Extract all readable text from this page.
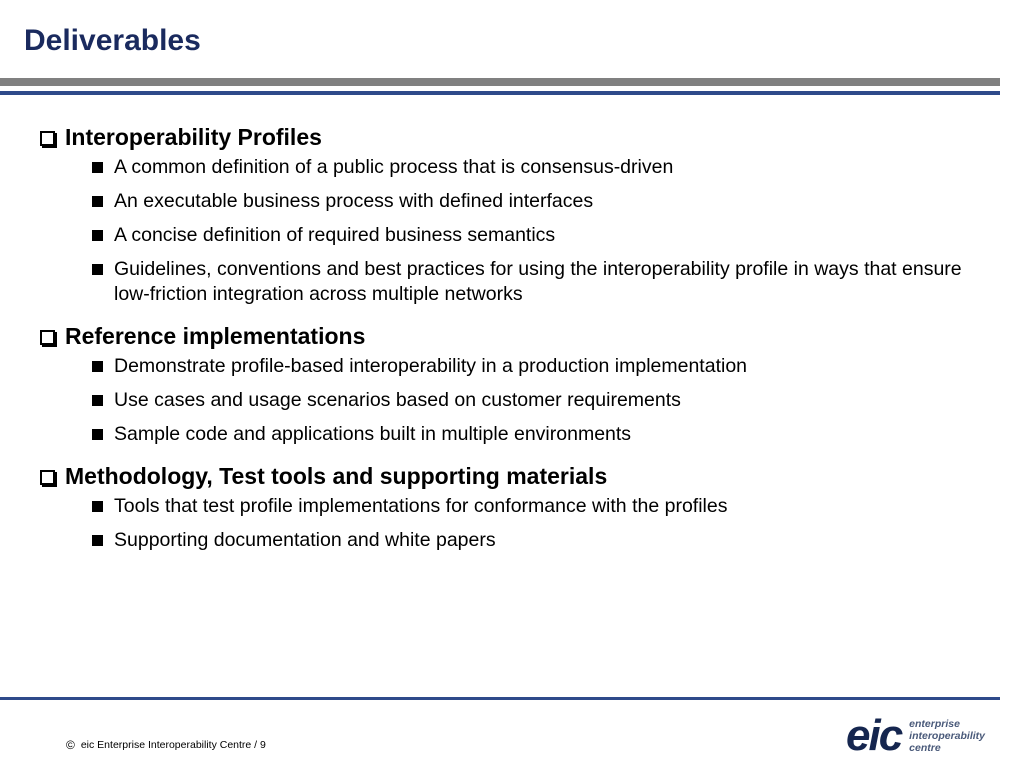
Deliverables
Interoperability Profiles
A common definition of a public process that is consensus-driven
An executable business process with defined interfaces
A concise definition of required business semantics
Guidelines, conventions and best practices for using the interoperability profile in ways that ensure low-friction integration across multiple networks
Reference implementations
Demonstrate profile-based interoperability in a production implementation
Use cases and usage scenarios based on customer requirements
Sample code and applications built in multiple environments
Methodology, Test tools and supporting materials
Tools that test profile implementations for conformance with the profiles
Supporting documentation and white papers
© eic Enterprise Interoperability Centre / 9	eic enterprise
interoperability
centre
